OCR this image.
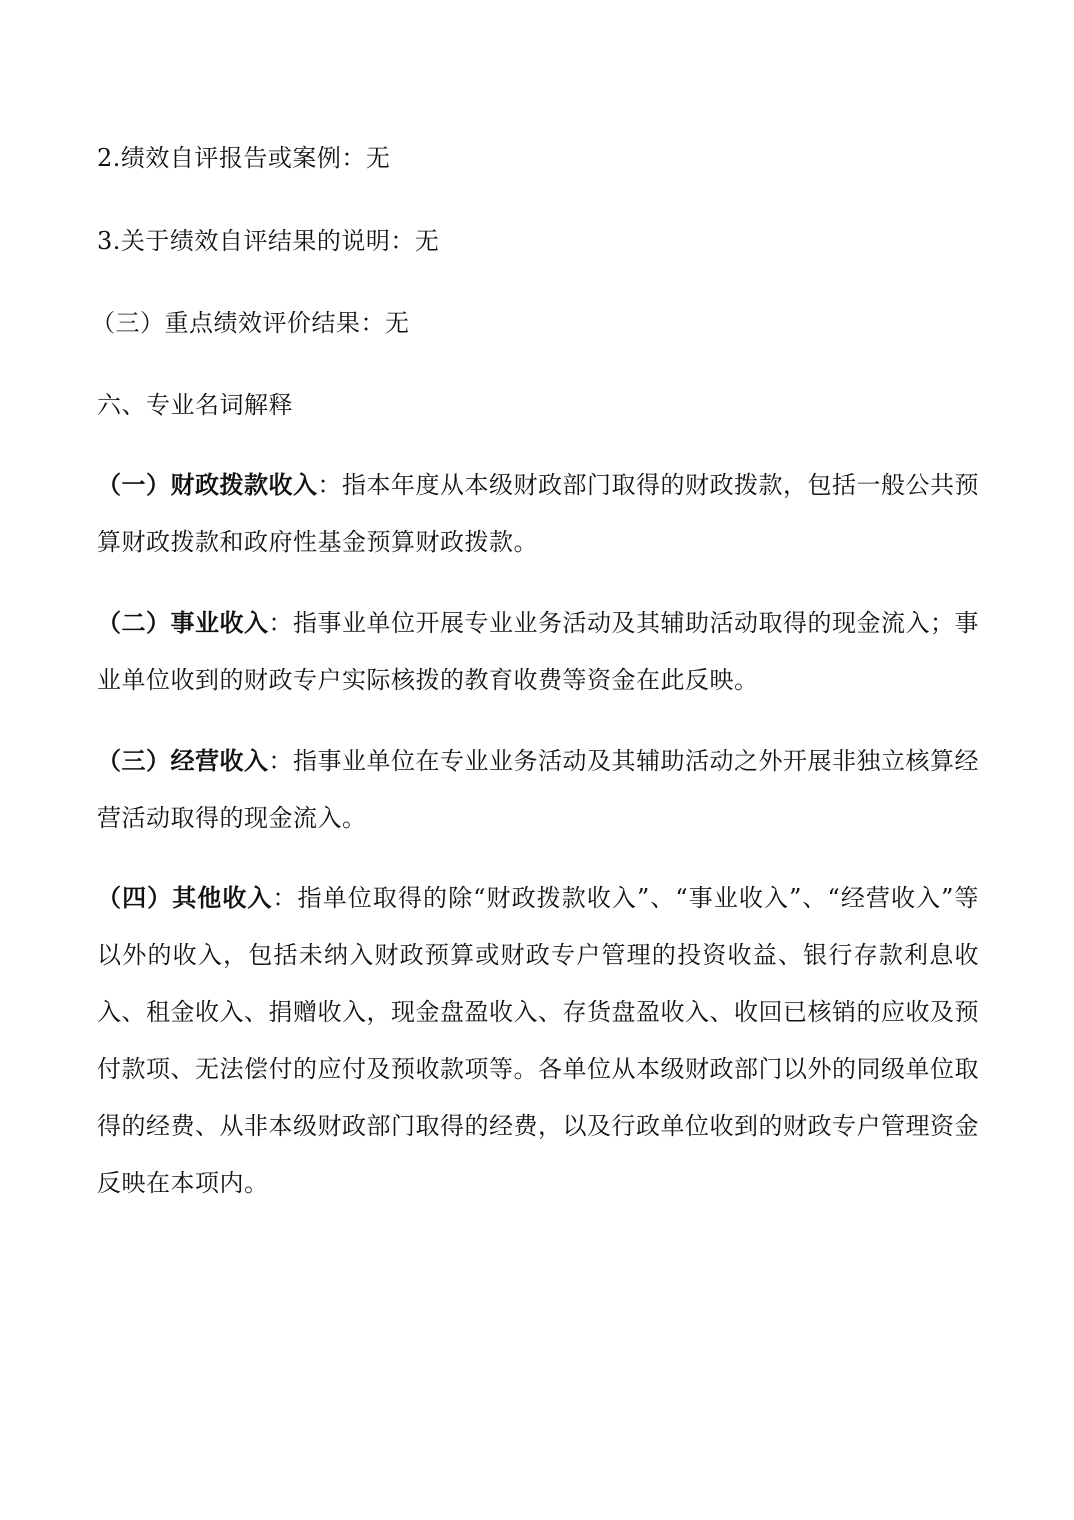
2.绩效自评报告或案例：无
3.关于绩效自评结果的说明：无
（三）重点绩效评价结果：无
六、专业名词解释
（一）财政拨款收入：指本年度从本级财政部门取得的财政拨款，包括一般公共预算财政拨款和政府性基金预算财政拨款。
（二）事业收入：指事业单位开展专业业务活动及其辅助活动取得的现金流入；事业单位收到的财政专户实际核拨的教育收费等资金在此反映。
（三）经营收入：指事业单位在专业业务活动及其辅助活动之外开展非独立核算经营活动取得的现金流入。
（四）其他收入：指单位取得的除“财政拨款收入”、“事业收入”、“经营收入”等以外的收入，包括未纳入财政预算或财政专户管理的投资收益、银行存款利息收入、租金收入、捐赠收入，现金盘盈收入、存货盘盈收入、收回已核销的应收及预付款项、无法偿付的应付及预收款项等。各单位从本级财政部门以外的同级单位取得的经费、从非本级财政部门取得的经费，以及行政单位收到的财政专户管理资金反映在本项内。
